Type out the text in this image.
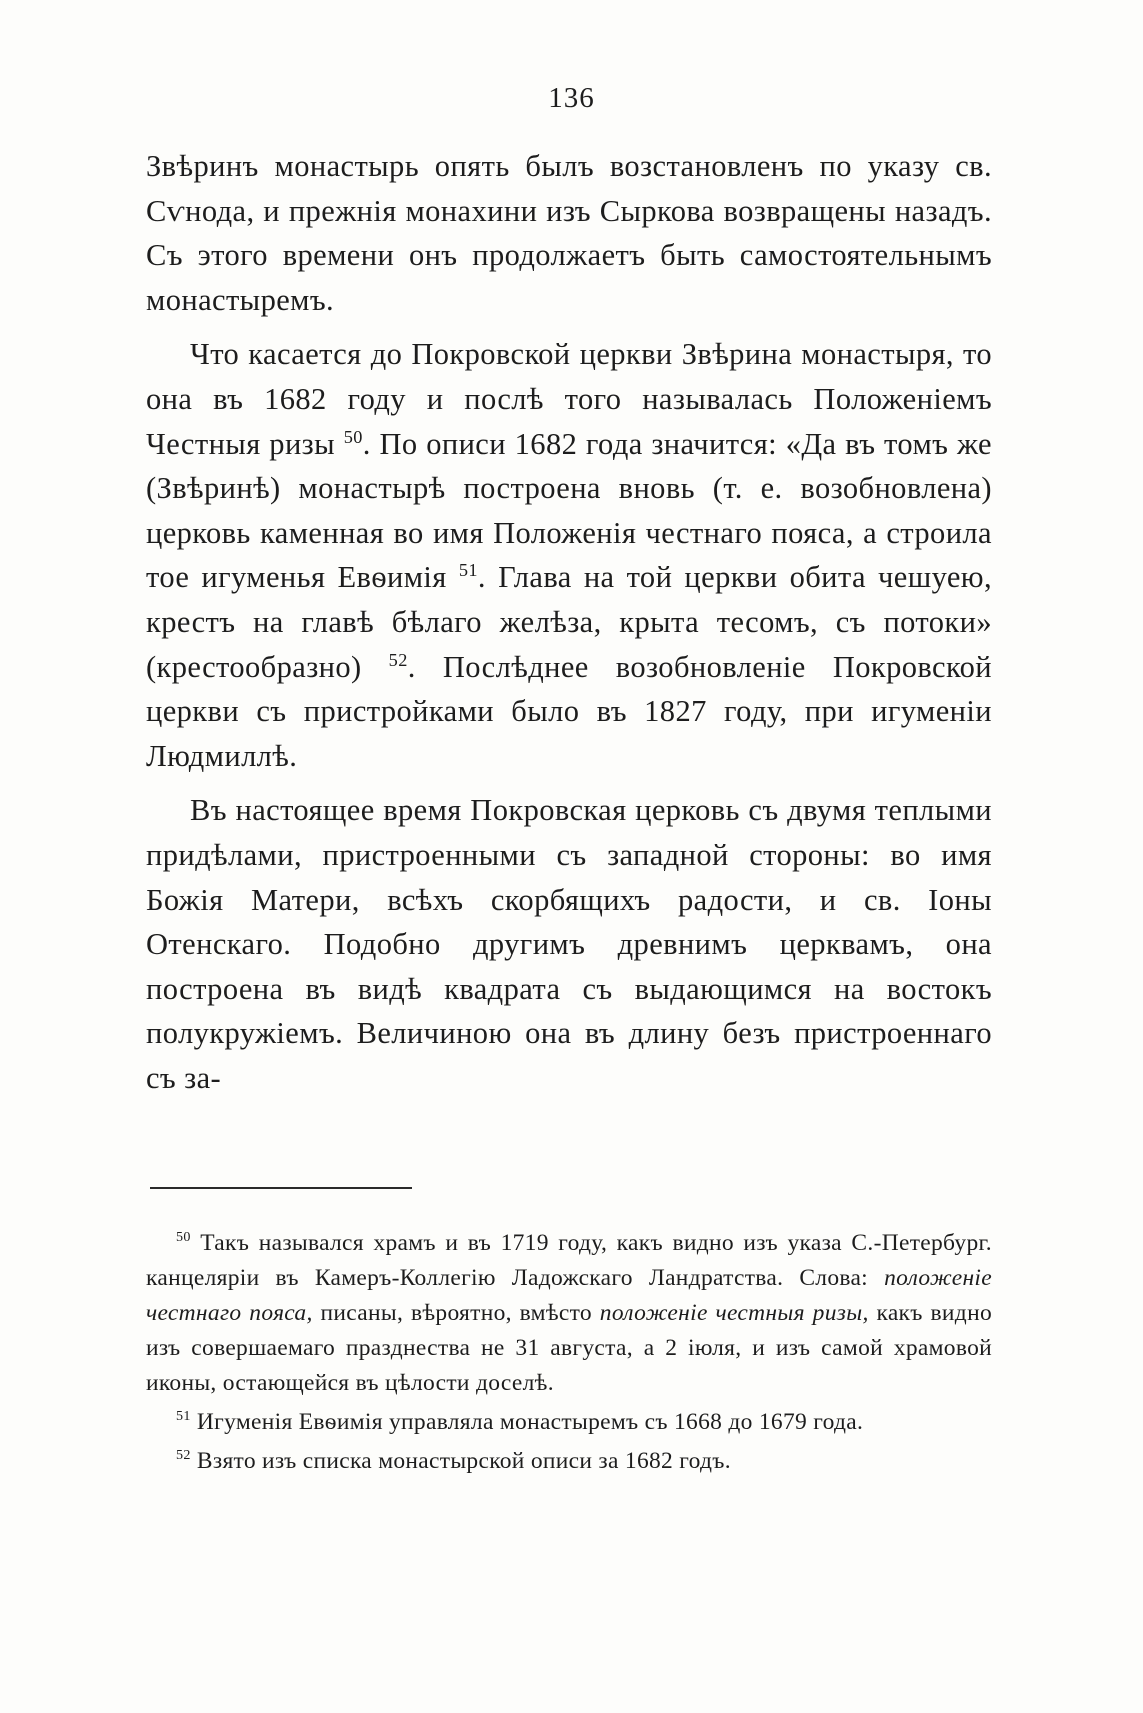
136

Звѣринъ монастырь опять былъ возстановленъ по указу св. Сѵнода, и прежнія монахини изъ Сыркова возвращены назадъ. Съ этого времени онъ продолжаетъ быть самостоятельнымъ монастыремъ.

Что касается до Покровской церкви Звѣрина монастыря, то она въ 1682 году и послѣ того называлась Положеніемъ Честныя ризы $^{50}$. По описи 1682 года значится: «Да въ томъ же (Звѣринѣ) монастырѣ построена вновь (т. е. возобновлена) церковь каменная во имя Положенія честнаго пояса, а строила тое игуменья Евѳимія $^{51}$. Глава на той церкви обита чешуею, крестъ на главѣ бѣлаго желѣза, крыта тесомъ, съ потоки» (крестообразно) $^{52}$. Послѣднее возобновленіе Покровской церкви съ пристройками было въ 1827 году, при игуменіи Людмиллѣ.

Въ настоящее время Покровская церковь съ двумя теплыми придѣлами, пристроенными съ западной стороны: во имя Божія Матери, всѣхъ скорбящихъ радости, и св. Іоны Отенскаго. Подобно другимъ древнимъ церквамъ, она построена въ видѣ квадрата съ выдающимся на востокъ полукружіемъ. Величиною она въ длину безъ пристроеннаго съ за-

$^{50}$ Такъ назывался храмъ и въ 1719 году, какъ видно изъ указа С.-Петербург. канцеляріи въ Камеръ-Коллегію Ладожскаго Ландратства. Слова: положеніе честнаго пояса, писаны, вѣроятно, вмѣсто положеніе честныя ризы, какъ видно изъ совершаемаго празднества не 31 августа, а 2 іюля, и изъ самой храмовой иконы, остающейся въ цѣлости доселѣ.

$^{51}$ Игуменія Евѳимія управляла монастыремъ съ 1668 до 1679 года.

$^{52}$ Взято изъ списка монастырской описи за 1682 годъ.
